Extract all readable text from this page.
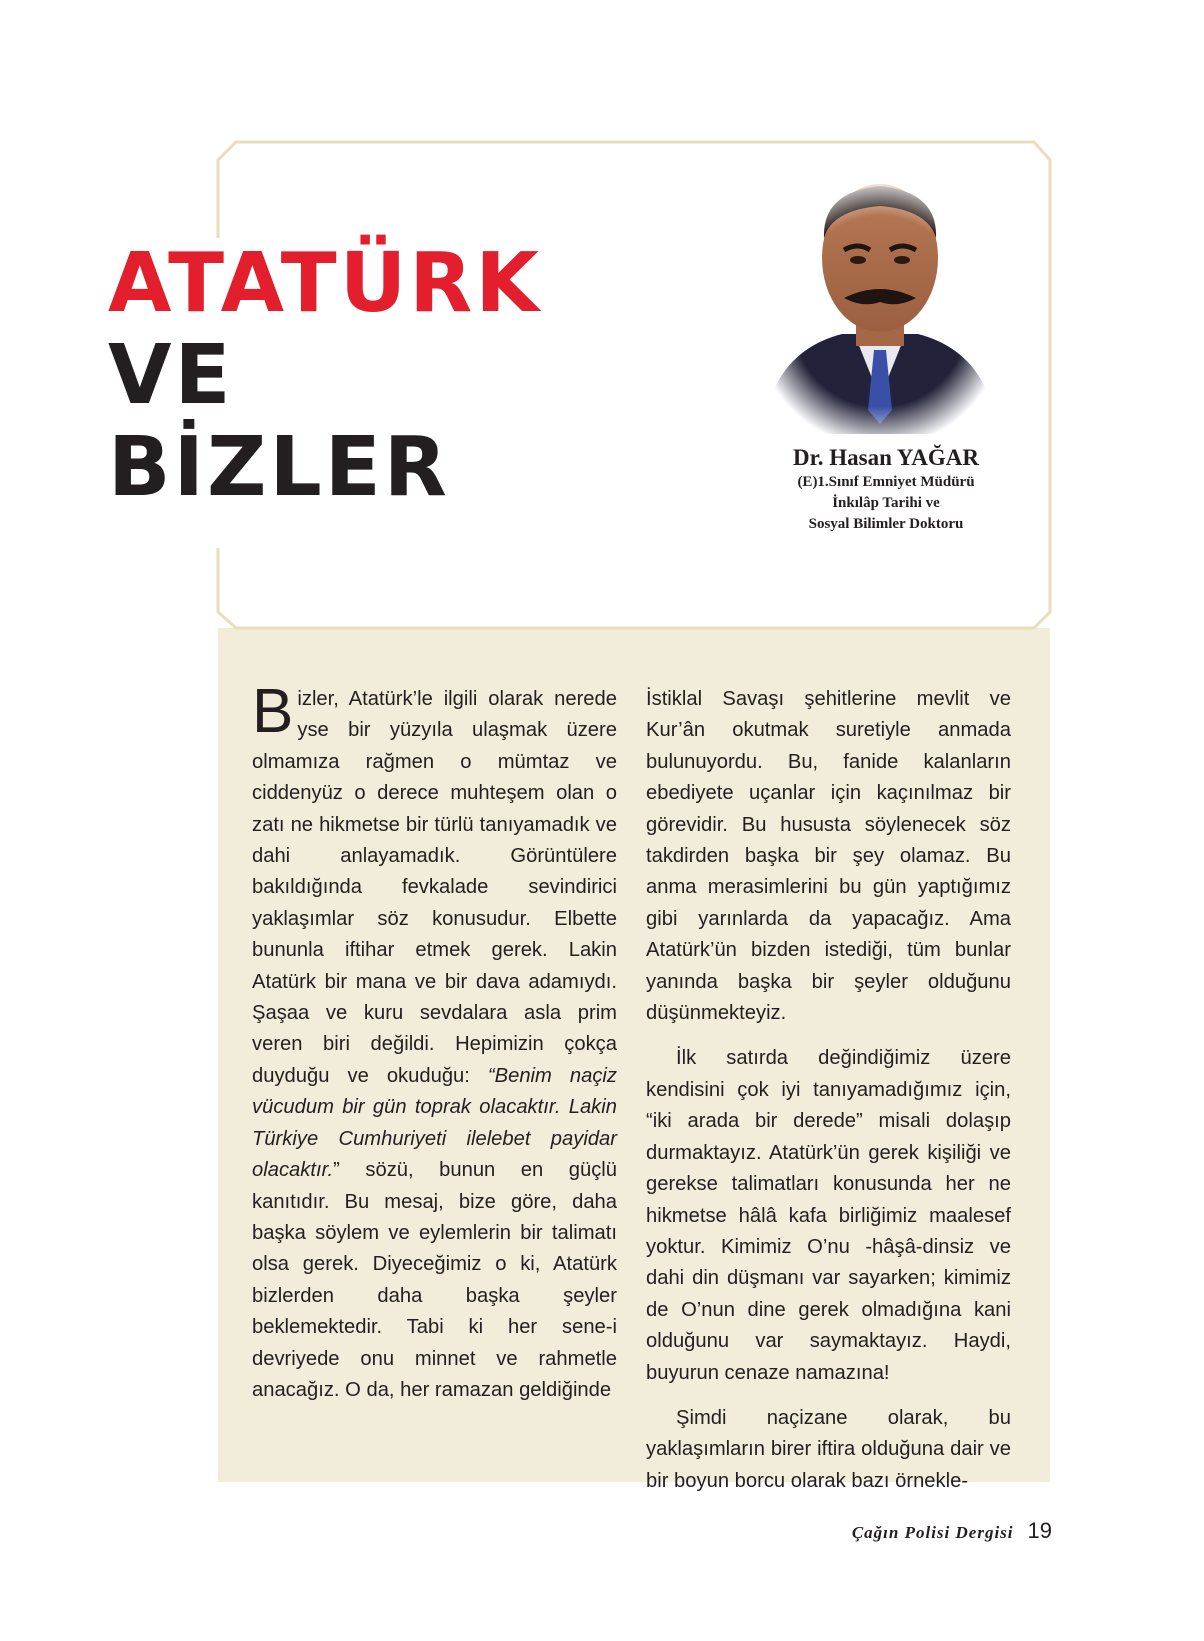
ATATÜRK

VE

BİZLER	Dr. Hasan YAĞAR
(E)1.Sınıf Emniyet Müdürü
İnkılâp Tarihi ve
Sosyal Bilimler Doktoru

Bizler, Atatürk’le ilgili olarak nerede yse bir yüzyıla ulaşmak üzere olmamıza rağmen o mümtaz ve ciddenyüz o derece muhteşem olan o zatı ne hikmetse bir türlü tanıyamadık ve dahi anlayamadık. Görüntülere bakıldığında fevkalade sevindirici yaklaşımlar söz konusudur. Elbette bununla iftihar etmek gerek. Lakin Atatürk bir mana ve bir dava adamıydı. Şaşaa ve kuru sevdalara asla prim veren biri değildi. Hepimizin çokça duyduğu ve okuduğu: “Benim naçiz vücudum bir gün toprak olacaktır. Lakin Türkiye Cumhuriyeti ilelebet payidar olacaktır.” sözü, bunun en güçlü kanıtıdır. Bu mesaj, bize göre, daha başka söylem ve eylemlerin bir talimatı olsa gerek. Diyeceğimiz o ki, Atatürk bizlerden daha başka şeyler beklemektedir. Tabi ki her sene-i devriyede onu minnet ve rahmetle anacağız. O da, her ramazan geldiğinde

İstiklal Savaşı şehitlerine mevlit ve Kur’ân okutmak suretiyle anmada bulunuyordu. Bu, fanide kalanların ebediyete uçanlar için kaçınılmaz bir görevidir. Bu hususta söylenecek söz takdirden başka bir şey olamaz. Bu anma merasimlerini bu gün yaptığımız gibi yarınlarda da yapacağız. Ama Atatürk’ün bizden istediği, tüm bunlar yanında başka bir şeyler olduğunu düşünmekteyiz.

İlk satırda değindiğimiz üzere kendisini çok iyi tanıyamadığımız için, “iki arada bir derede” misali dolaşıp durmaktayız. Atatürk’ün gerek kişiliği ve gerekse talimatları konusunda her ne hikmetse hâlâ kafa birliğimiz maalesef yoktur. Kimimiz O’nu -hâşâ-dinsiz ve dahi din düşmanı var sayarken; kimimiz de O’nun dine gerek olmadığına kani olduğunu var saymaktayız. Haydi, buyurun cenaze namazına!

Şimdi naçizane olarak, bu yaklaşımların birer iftira olduğuna dair ve bir boyun borcu olarak bazı örnekle-

Çağın Polisi Dergisi 19
